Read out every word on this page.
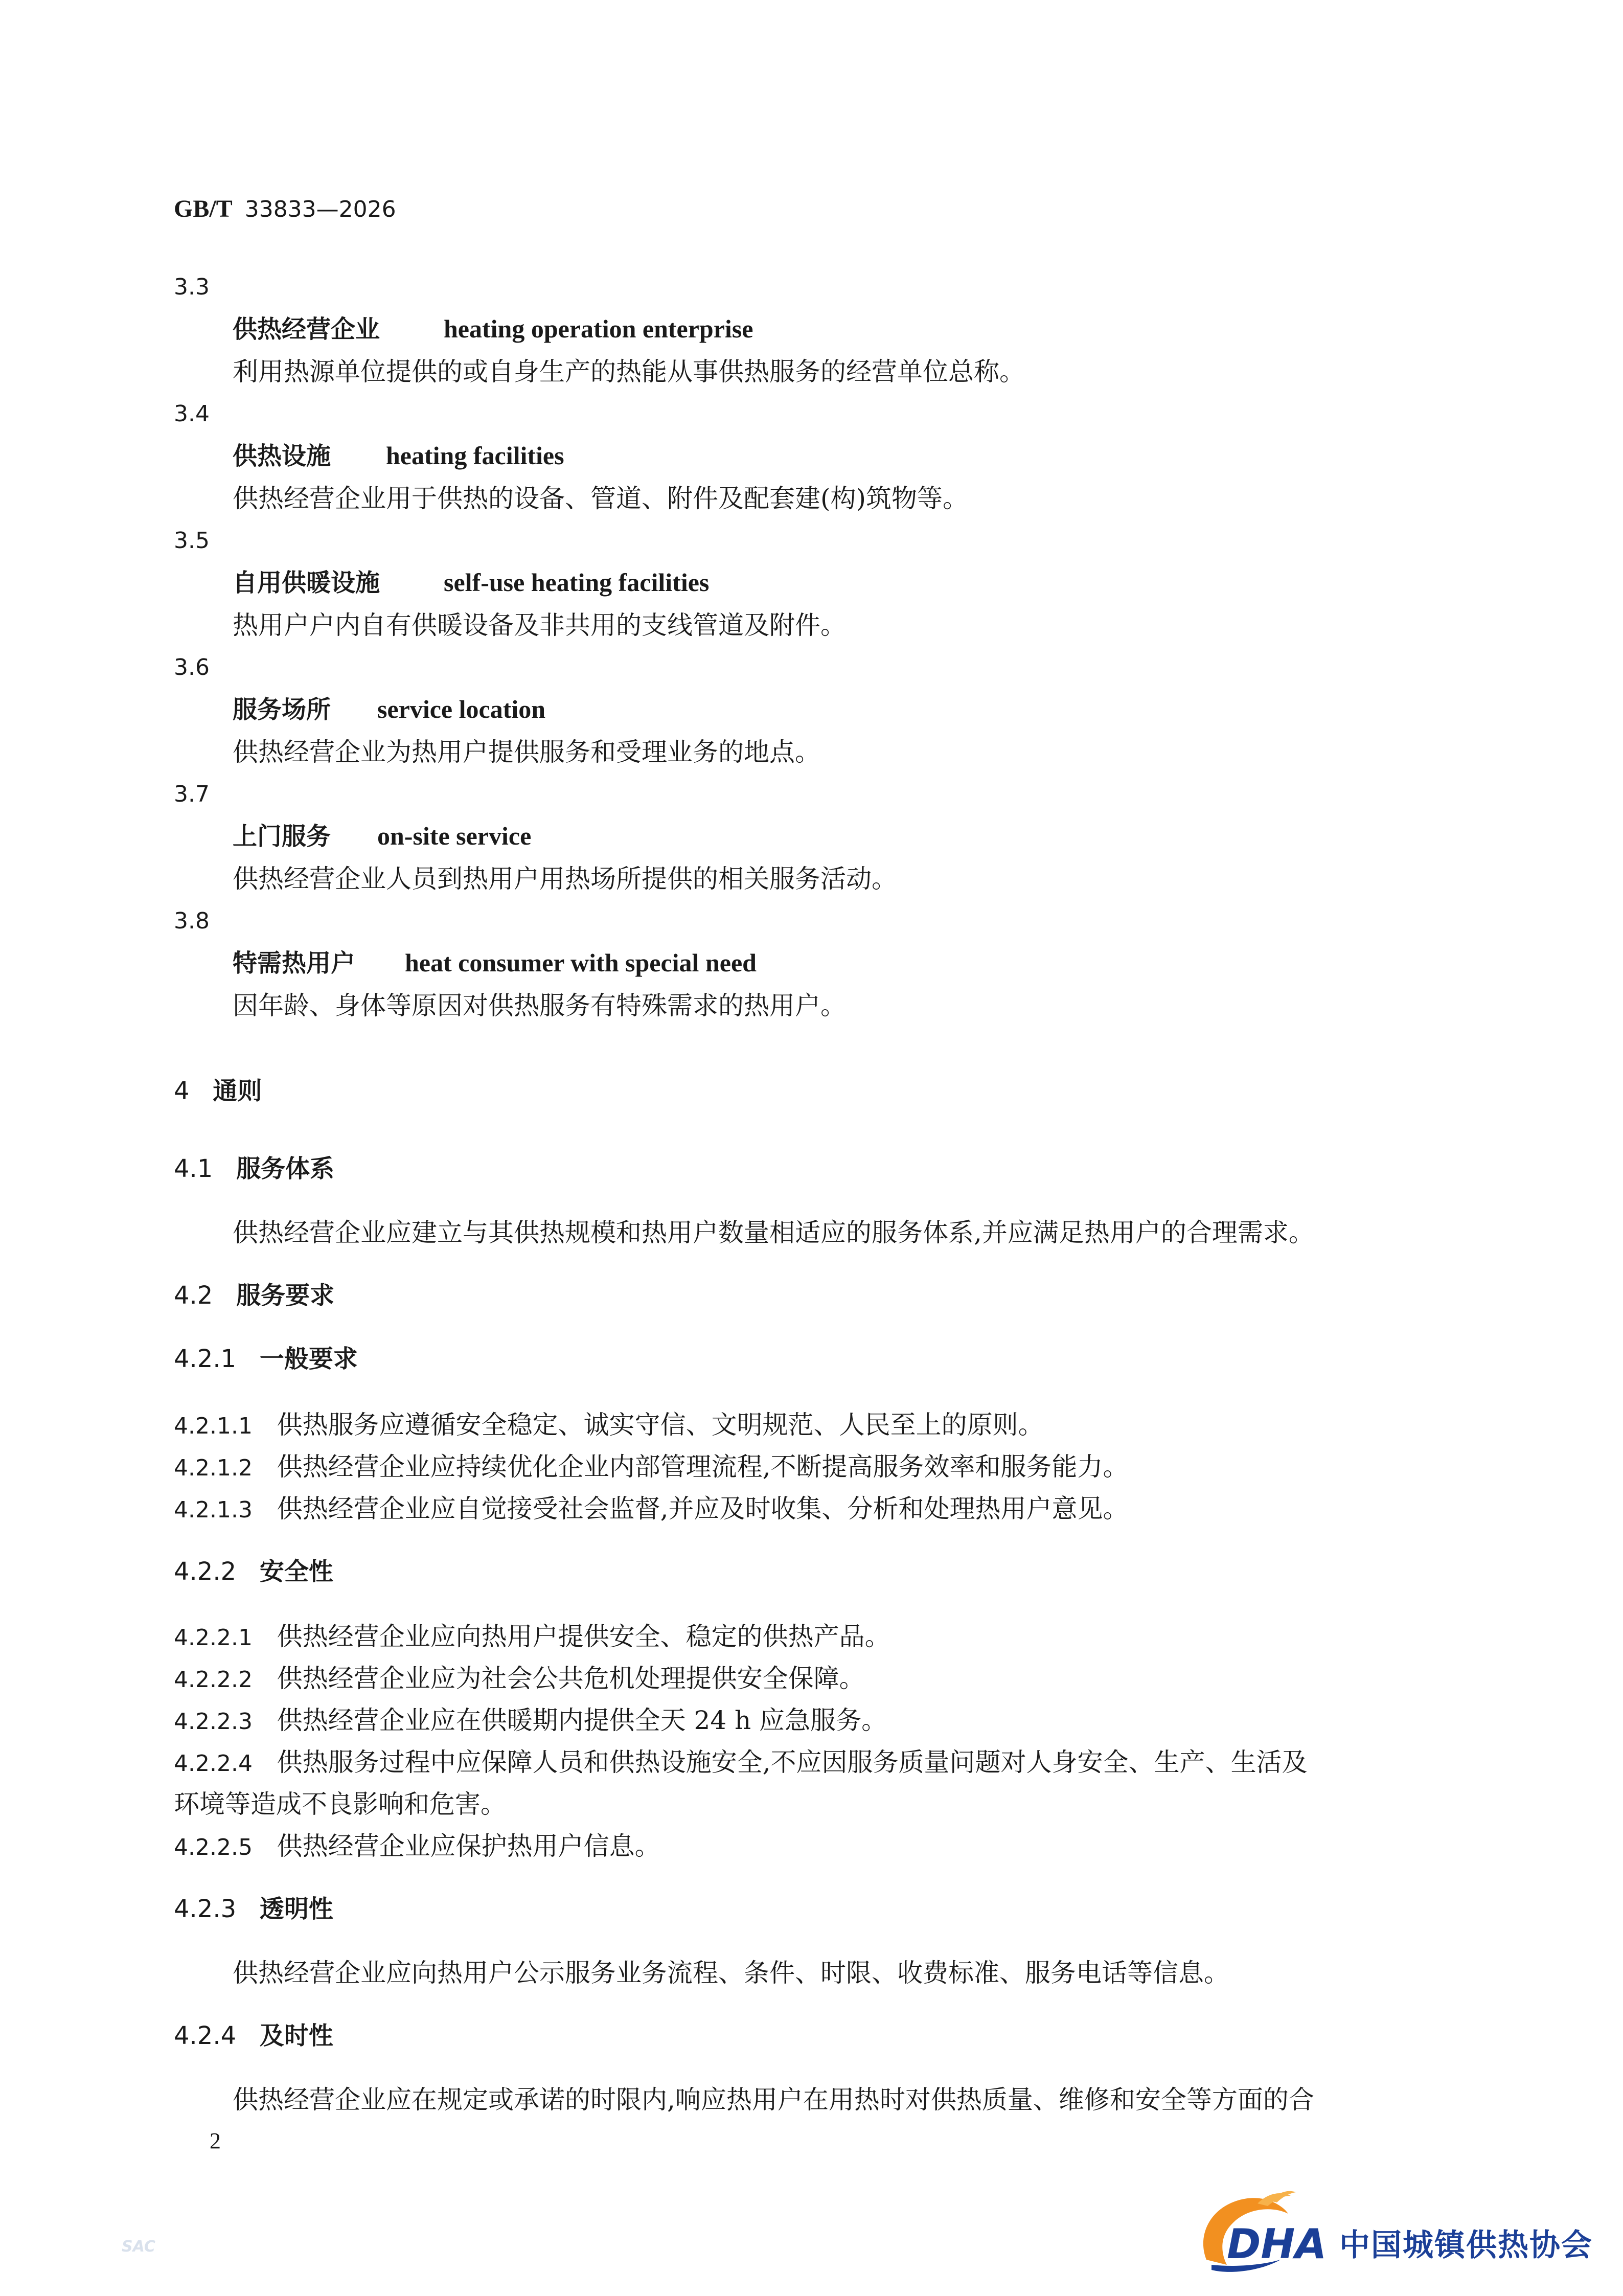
GB/T 33833—2026
3.3
供热经营企业 heating operation enterprise
利用热源单位提供的或自身生产的热能从事供热服务的经营单位总称。
3.4
供热设施 heating facilities
供热经营企业用于供热的设备、管道、附件及配套建(构)筑物等。
3.5
自用供暖设施 self-use heating facilities
热用户户内自有供暖设备及非共用的支线管道及附件。
3.6
服务场所 service location
供热经营企业为热用户提供服务和受理业务的地点。
3.7
上门服务 on-site service
供热经营企业人员到热用户用热场所提供的相关服务活动。
3.8
特需热用户 heat consumer with special need
因年龄、身体等原因对供热服务有特殊需求的热用户。
4 通则
4.1 服务体系
供热经营企业应建立与其供热规模和热用户数量相适应的服务体系,并应满足热用户的合理需求。
4.2 服务要求
4.2.1 一般要求
4.2.1.1 供热服务应遵循安全稳定、诚实守信、文明规范、人民至上的原则。
4.2.1.2 供热经营企业应持续优化企业内部管理流程,不断提高服务效率和服务能力。
4.2.1.3 供热经营企业应自觉接受社会监督,并应及时收集、分析和处理热用户意见。
4.2.2 安全性
4.2.2.1 供热经营企业应向热用户提供安全、稳定的供热产品。
4.2.2.2 供热经营企业应为社会公共危机处理提供安全保障。
4.2.2.3 供热经营企业应在供暖期内提供全天 24 h 应急服务。
4.2.2.4 供热服务过程中应保障人员和供热设施安全,不应因服务质量问题对人身安全、生产、生活及
环境等造成不良影响和危害。
4.2.2.5 供热经营企业应保护热用户信息。
4.2.3 透明性
供热经营企业应向热用户公示服务业务流程、条件、时限、收费标准、服务电话等信息。
4.2.4 及时性
供热经营企业应在规定或承诺的时限内,响应热用户在用热时对供热质量、维修和安全等方面的合
2
SAC	DHA 中国城镇供热协会
